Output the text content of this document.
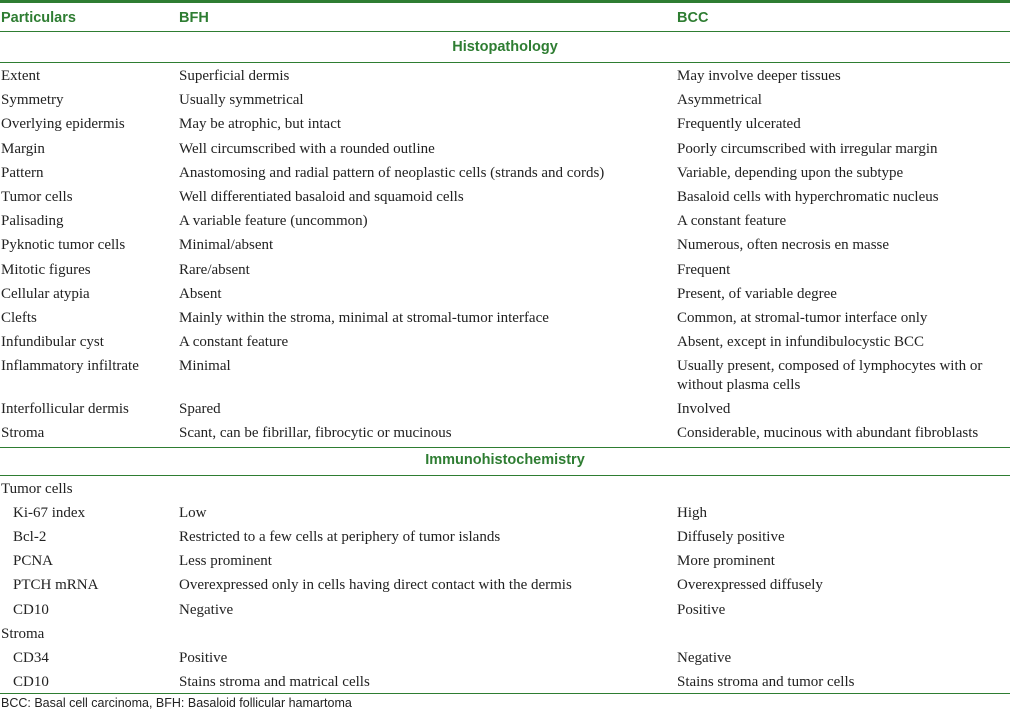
Particulars	BFH	BCC
Histopathology
Extent	Superficial dermis	May involve deeper tissues
Symmetry	Usually symmetrical	Asymmetrical
Overlying epidermis	May be atrophic, but intact	Frequently ulcerated
Margin	Well circumscribed with a rounded outline	Poorly circumscribed with irregular margin
Pattern	Anastomosing and radial pattern of neoplastic cells (strands and cords)	Variable, depending upon the subtype
Tumor cells	Well differentiated basaloid and squamoid cells	Basaloid cells with hyperchromatic nucleus
Palisading	A variable feature (uncommon)	A constant feature
Pyknotic tumor cells	Minimal/absent	Numerous, often necrosis en masse
Mitotic figures	Rare/absent	Frequent
Cellular atypia	Absent	Present, of variable degree
Clefts	Mainly within the stroma, minimal at stromal-tumor interface	Common, at stromal-tumor interface only
Infundibular cyst	A constant feature	Absent, except in infundibulocystic BCC
Inflammatory infiltrate	Minimal	Usually present, composed of lymphocytes with or without plasma cells
Interfollicular dermis	Spared	Involved
Stroma	Scant, can be fibrillar, fibrocytic or mucinous	Considerable, mucinous with abundant fibroblasts
Immunohistochemistry
Tumor cells
Ki-67 index	Low	High
Bcl-2	Restricted to a few cells at periphery of tumor islands	Diffusely positive
PCNA	Less prominent	More prominent
PTCH mRNA	Overexpressed only in cells having direct contact with the dermis	Overexpressed diffusely
CD10	Negative	Positive
Stroma
CD34	Positive	Negative
CD10	Stains stroma and matrical cells	Stains stroma and tumor cells
BCC: Basal cell carcinoma, BFH: Basaloid follicular hamartoma
